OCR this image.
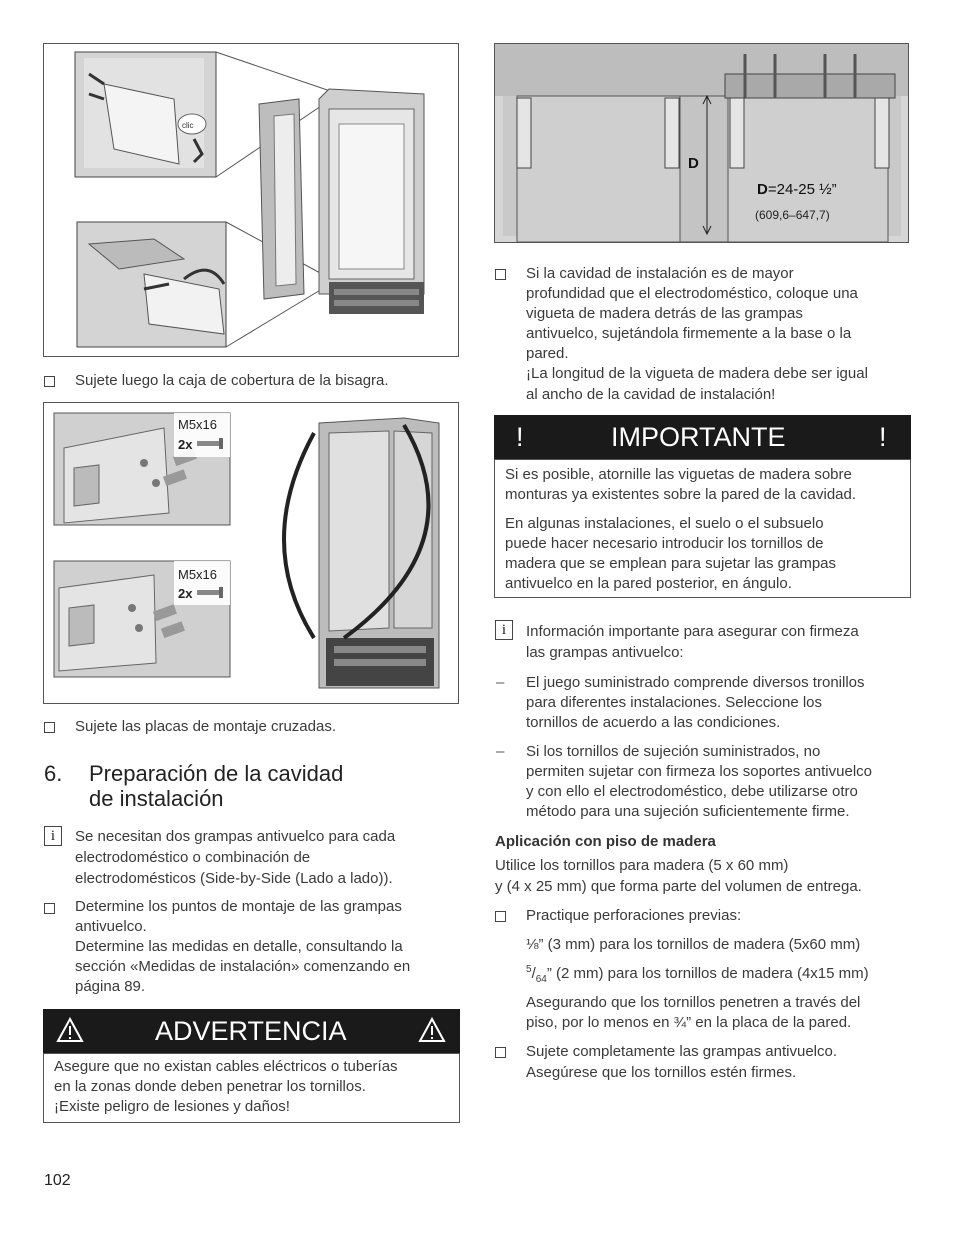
clic
Sujete luego la caja de cobertura de la bisagra.
M5x16
2x
M5x16
2x
Sujete las placas de montaje cruzadas.
6. Preparación de la cavidad
de instalación
i	Se necesitan dos grampas antivuelco para cada
electrodoméstico o combinación de
electrodomésticos (Side-by-Side (Lado a lado)).
Determine los puntos de montaje de las grampas
antivuelco.
Determine las medidas en detalle, consultando la
sección «Medidas de instalación» comenzando en
página 89.
ADVERTENCIA
Asegure que no existan cables eléctricos o tuberías
en la zonas donde deben penetrar los tornillos.
¡Existe peligro de lesiones y daños!
102
D
D=24-25 ½”
(609,6–647,7)
Si la cavidad de instalación es de mayor
profundidad que el electrodoméstico, coloque una
vigueta de madera detrás de las grampas
antivuelco, sujetándola firmemente a la base o la
pared.
¡La longitud de la vigueta de madera debe ser igual
al ancho de la cavidad de instalación!
!	IMPORTANTE	!
Si es posible, atornille las viguetas de madera sobre
monturas ya existentes sobre la pared de la cavidad.
En algunas instalaciones, el suelo o el subsuelo
puede hacer necesario introducir los tornillos de
madera que se emplean para sujetar las grampas
antivuelco en la pared posterior, en ángulo.
i	Información importante para asegurar con firmeza
las grampas antivuelco:
– El juego suministrado comprende diversos tronillos
para diferentes instalaciones. Seleccione los
tornillos de acuerdo a las condiciones.
– Si los tornillos de sujeción suministrados, no
permiten sujetar con firmeza los soportes antivuelco
y con ello el electrodoméstico, debe utilizarse otro
método para una sujeción suficientemente firme.
Aplicación con piso de madera
Utilice los tornillos para madera (5 x 60 mm)
y (4 x 25 mm) que forma parte del volumen de entrega.
Practique perforaciones previas:
⅛” (3 mm) para los tornillos de madera (5x60 mm)
$^5/_{64}$” (2 mm) para los tornillos de madera (4x15 mm)
Asegurando que los tornillos penetren a través del
piso, por lo menos en ¾” en la placa de la pared.
Sujete completamente las grampas antivuelco.
Asegúrese que los tornillos estén firmes.
